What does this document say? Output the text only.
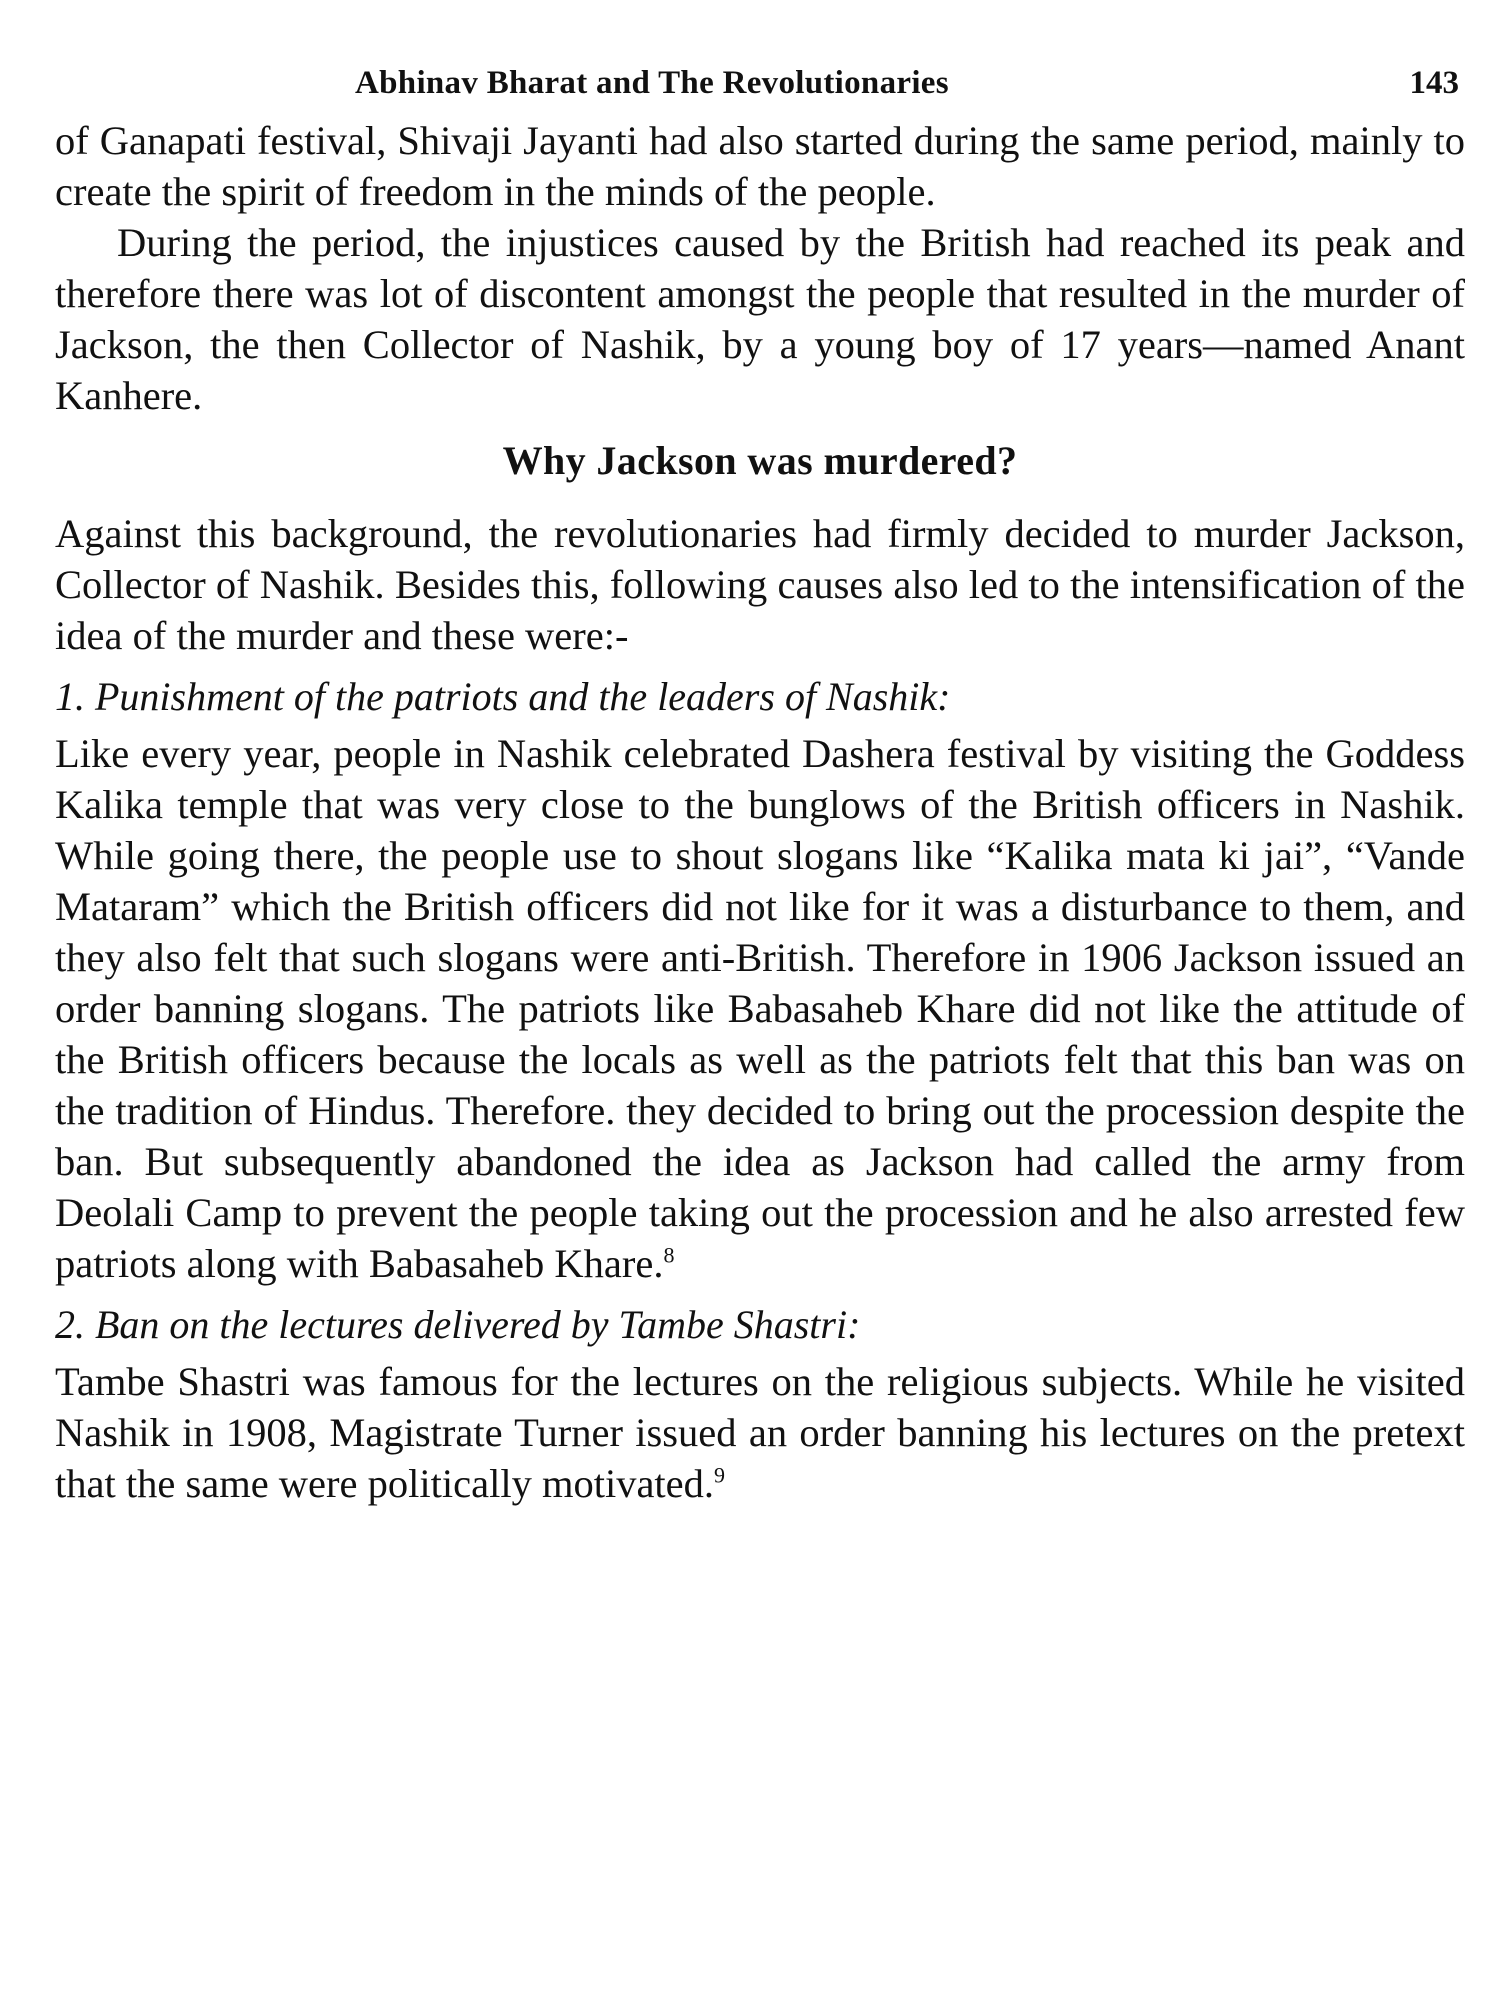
Abhinav Bharat and The Revolutionaries	143

of Ganapati festival, Shivaji Jayanti had also started during the same period, mainly to create the spirit of freedom in the minds of the people.

During the period, the injustices caused by the British had reached its peak and therefore there was lot of discontent amongst the people that resulted in the murder of Jackson, the then Collector of Nashik, by a young boy of 17 years—named Anant Kanhere.

Why Jackson was murdered?

Against this background, the revolutionaries had firmly decided to murder Jackson, Collector of Nashik. Besides this, following causes also led to the intensification of the idea of the murder and these were:-

1. Punishment of the patriots and the leaders of Nashik:

Like every year, people in Nashik celebrated Dashera festival by visiting the Goddess Kalika temple that was very close to the bunglows of the British officers in Nashik. While going there, the people use to shout slogans like “Kalika mata ki jai”, “Vande Mataram” which the British officers did not like for it was a disturbance to them, and they also felt that such slogans were anti-British. Therefore in 1906 Jackson issued an order banning slogans. The patriots like Babasaheb Khare did not like the attitude of the British officers because the locals as well as the patriots felt that this ban was on the tradition of Hindus. Therefore. they decided to bring out the procession despite the ban. But subsequently abandoned the idea as Jackson had called the army from Deolali Camp to prevent the people taking out the procession and he also arrested few patriots along with Babasaheb Khare.$^8$

2. Ban on the lectures delivered by Tambe Shastri:

Tambe Shastri was famous for the lectures on the religious subjects. While he visited Nashik in 1908, Magistrate Turner issued an order banning his lectures on the pretext that the same were politically motivated.$^9$
